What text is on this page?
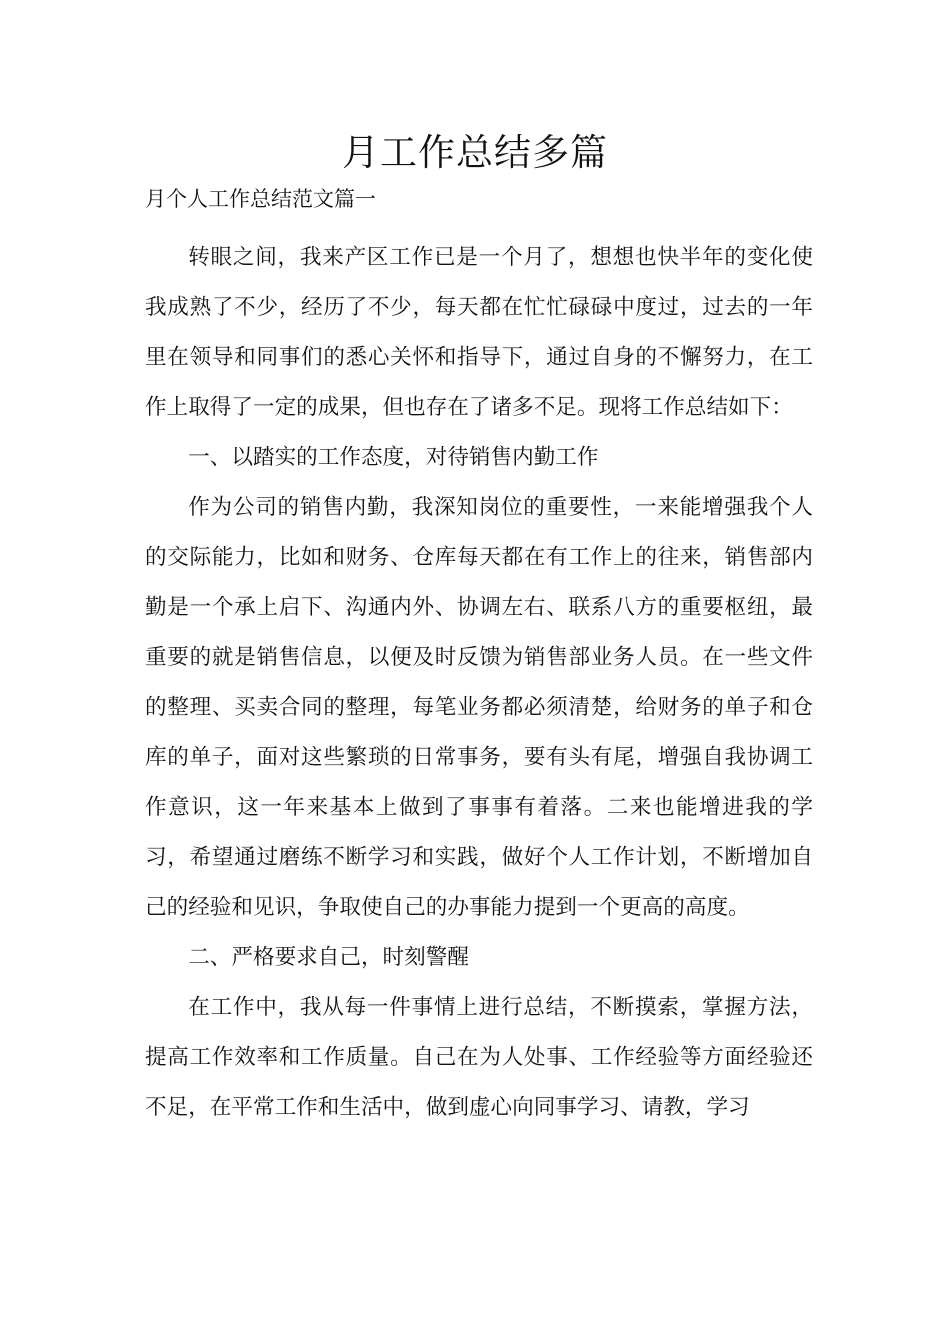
月工作总结多篇
月个人工作总结范文篇一

转眼之间，我来产区工作已是一个月了，想想也快半年的变化使我成熟了不少，经历了不少，每天都在忙忙碌碌中度过，过去的一年里在领导和同事们的悉心关怀和指导下，通过自身的不懈努力，在工作上取得了一定的成果，但也存在了诸多不足。现将工作总结如下：

一、以踏实的工作态度，对待销售内勤工作

作为公司的销售内勤，我深知岗位的重要性，一来能增强我个人的交际能力，比如和财务、仓库每天都在有工作上的往来，销售部内勤是一个承上启下、沟通内外、协调左右、联系八方的重要枢纽，最重要的就是销售信息，以便及时反馈为销售部业务人员。在一些文件的整理、买卖合同的整理，每笔业务都必须清楚，给财务的单子和仓库的单子，面对这些繁琐的日常事务，要有头有尾，增强自我协调工作意识，这一年来基本上做到了事事有着落。二来也能增进我的学习，希望通过磨练不断学习和实践，做好个人工作计划，不断增加自己的经验和见识，争取使自己的办事能力提到一个更高的高度。

二、严格要求自己，时刻警醒

在工作中，我从每一件事情上进行总结，不断摸索，掌握方法，提高工作效率和工作质量。自己在为人处事、工作经验等方面经验还不足，在平常工作和生活中，做到虚心向同事学习、请教，学习
